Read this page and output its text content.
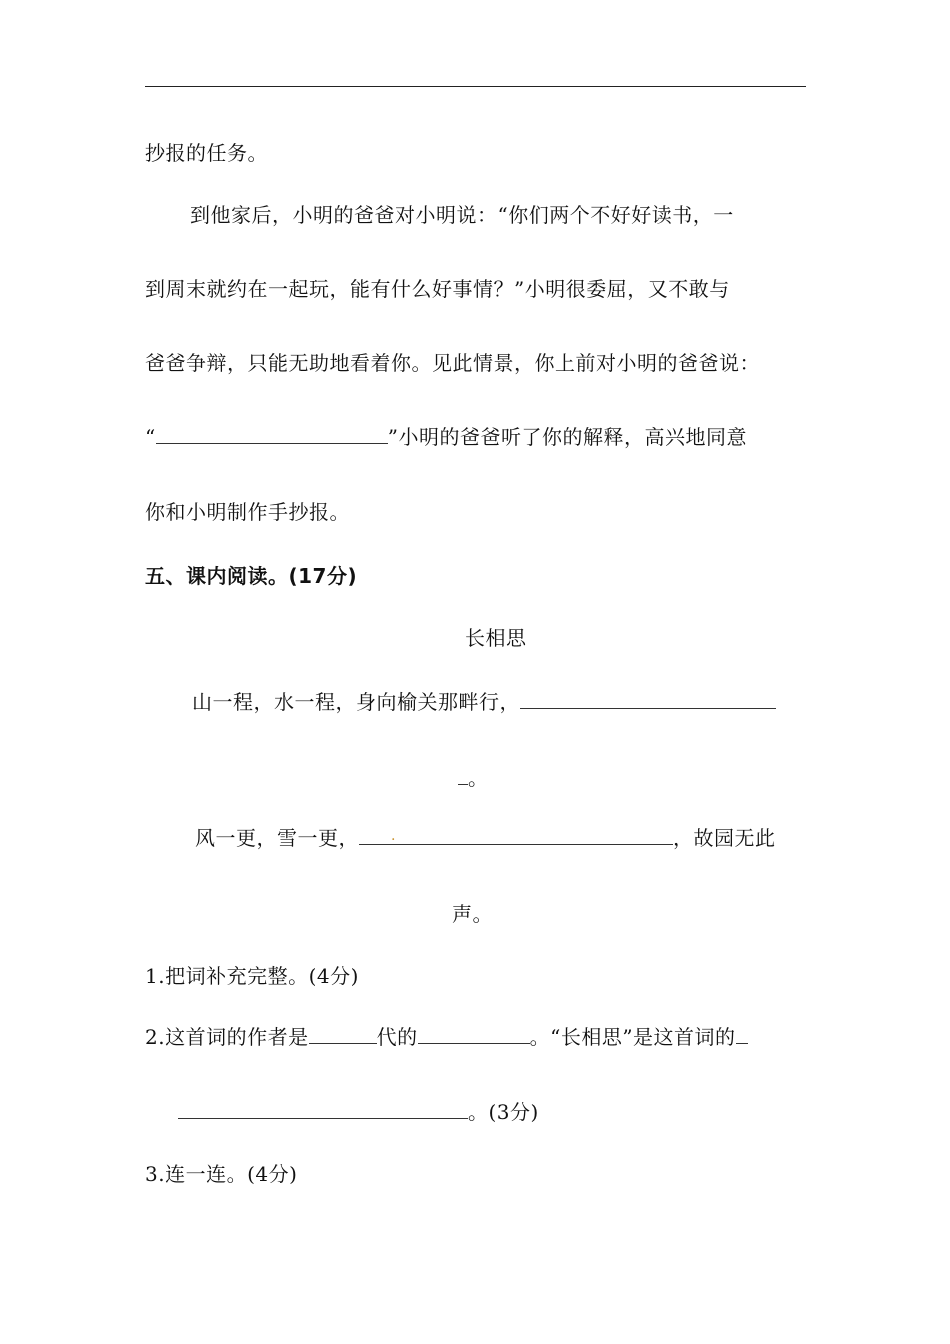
抄报的任务。
到他家后，小明的爸爸对小明说：“你们两个不好好读书，一
到周末就约在一起玩，能有什么好事情？”小明很委屈，又不敢与
爸爸争辩，只能无助地看着你。见此情景，你上前对小明的爸爸说：
“	”小明的爸爸听了你的解释，高兴地同意
你和小明制作手抄报。
五、课内阅读。(17分)
长相思
山一程，水一程，身向榆关那畔行，
。
风一更，雪一更， .	，故园无此
声。
1.把词补充完整。(4分)
2.这首词的作者是	代的	。“长相思”是这首词的
。(3分)
3.连一连。(4分)
